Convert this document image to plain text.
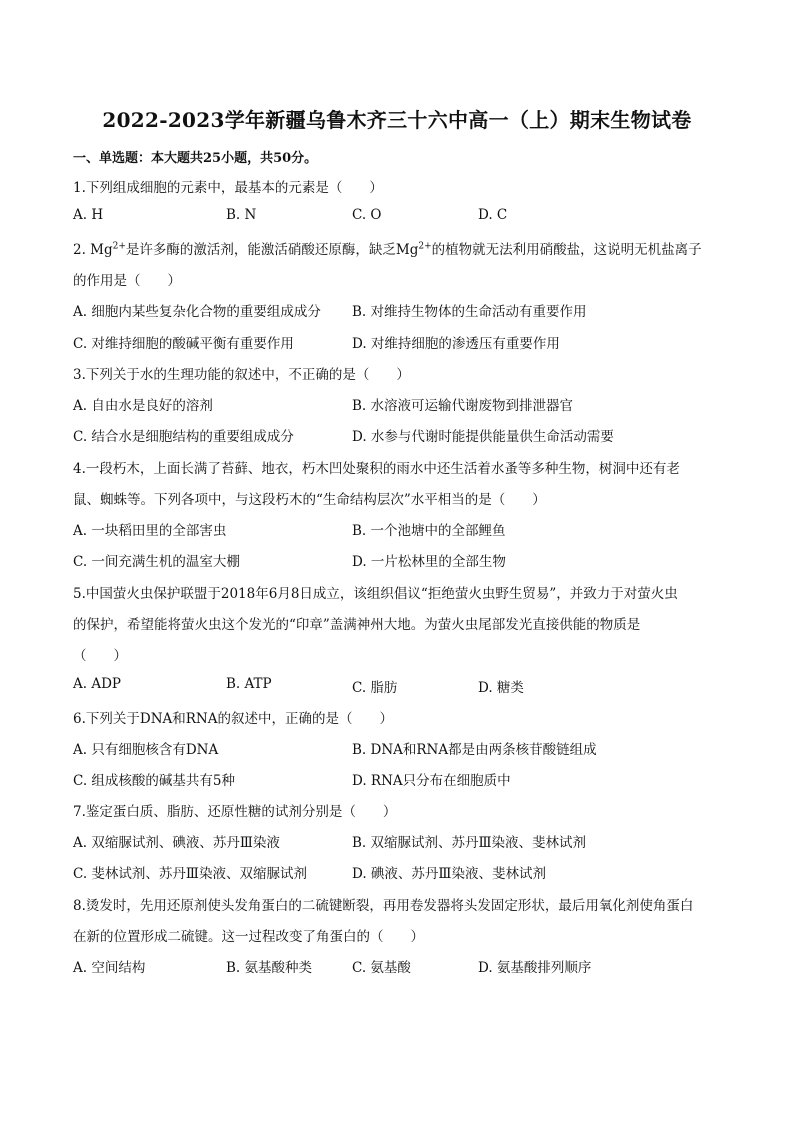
2022-2023学年新疆乌鲁木齐三十六中高一（上）期末生物试卷
一、单选题：本大题共25小题，共50分。
1.下列组成细胞的元素中，最基本的元素是（　　）
A. H	B. N	C. O	D. C
2. $Mg^{2+}$是许多酶的激活剂，能激活硝酸还原酶，缺乏$Mg^{2+}$的植物就无法利用硝酸盐，这说明无机盐离子
的作用是（　　）
A. 细胞内某些复杂化合物的重要组成成分 B. 对维持生物体的生命活动有重要作用
C. 对维持细胞的酸碱平衡有重要作用	D. 对维持细胞的渗透压有重要作用
3.下列关于水的生理功能的叙述中，不正确的是（　　）
A. 自由水是良好的溶剂	B. 水溶液可运输代谢废物到排泄器官
C. 结合水是细胞结构的重要组成成分	D. 水参与代谢时能提供能量供生命活动需要
4.一段朽木，上面长满了苔藓、地衣，朽木凹处聚积的雨水中还生活着水蚤等多种生物，树洞中还有老
鼠、蜘蛛等。下列各项中，与这段朽木的“生命结构层次”水平相当的是（　　）
A. 一块稻田里的全部害虫	B. 一个池塘中的全部鲤鱼
C. 一间充满生机的温室大棚	D. 一片松林里的全部生物
5.中国萤火虫保护联盟于2018年6月8日成立，该组织倡议“拒绝萤火虫野生贸易”，并致力于对萤火虫
的保护，希望能将萤火虫这个发光的“印章”盖满神州大地。为萤火虫尾部发光直接供能的物质是
（　　）
A. ADP	B. ATP	C. 脂肪	D. 糖类
6.下列关于DNA和RNA的叙述中，正确的是（　　）
A. 只有细胞核含有DNA	B. DNA和RNA都是由两条核苷酸链组成
C. 组成核酸的碱基共有5种	D. RNA只分布在细胞质中
7.鉴定蛋白质、脂肪、还原性糖的试剂分别是（　　）
A. 双缩脲试剂、碘液、苏丹Ⅲ染液	B. 双缩脲试剂、苏丹Ⅲ染液、斐林试剂
C. 斐林试剂、苏丹Ⅲ染液、双缩脲试剂	D. 碘液、苏丹Ⅲ染液、斐林试剂
8.烫发时，先用还原剂使头发角蛋白的二硫键断裂，再用卷发器将头发固定形状，最后用氧化剂使角蛋白
在新的位置形成二硫键。这一过程改变了角蛋白的（　　）
A. 空间结构	B. 氨基酸种类	C. 氨基酸	D. 氨基酸排列顺序
